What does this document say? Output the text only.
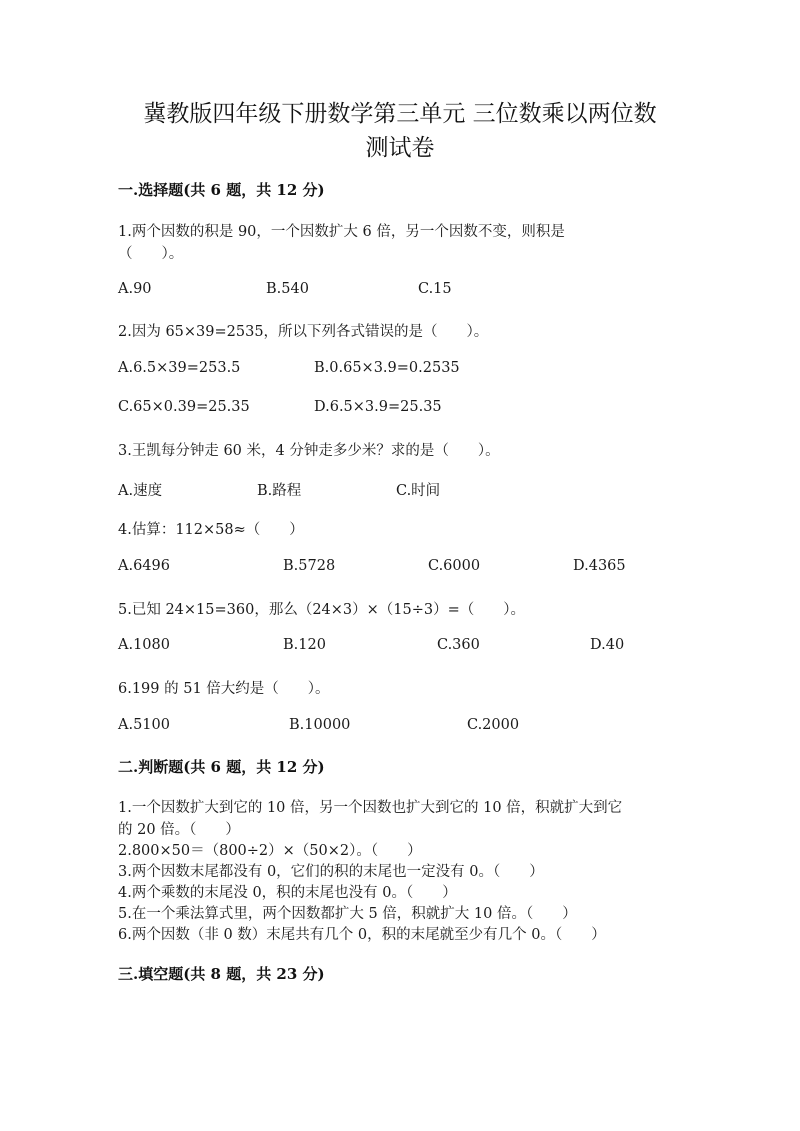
冀教版四年级下册数学第三单元 三位数乘以两位数
测试卷
一.选择题(共 6 题，共 12 分)
1.两个因数的积是 90，一个因数扩大 6 倍，另一个因数不变，则积是
（　　）。
A.90	B.540	C.15
2.因为 65×39=2535，所以下列各式错误的是（　　）。
A.6.5×39=253.5	B.0.65×3.9=0.2535
C.65×0.39=25.35	D.6.5×3.9=25.35
3.王凯每分钟走 60 米，4 分钟走多少米？求的是（　　）。
A.速度	B.路程	C.时间
4.估算：112×58≈（　　）
A.6496	B.5728	C.6000	D.4365
5.已知 24×15=360，那么（24×3）×（15÷3）=（　　）。
A.1080	B.120	C.360	D.40
6.199 的 51 倍大约是（　　）。
A.5100	B.10000	C.2000
二.判断题(共 6 题，共 12 分)
1.一个因数扩大到它的 10 倍，另一个因数也扩大到它的 10 倍，积就扩大到它
的 20 倍。（　　）
2.800×50＝（800÷2）×（50×2）。（　　）
3.两个因数末尾都没有 0，它们的积的末尾也一定没有 0。（　　）
4.两个乘数的末尾没 0，积的末尾也没有 0。（　　）
5.在一个乘法算式里，两个因数都扩大 5 倍，积就扩大 10 倍。（　　）
6.两个因数（非 0 数）末尾共有几个 0，积的末尾就至少有几个 0。（　　）
三.填空题(共 8 题，共 23 分)
